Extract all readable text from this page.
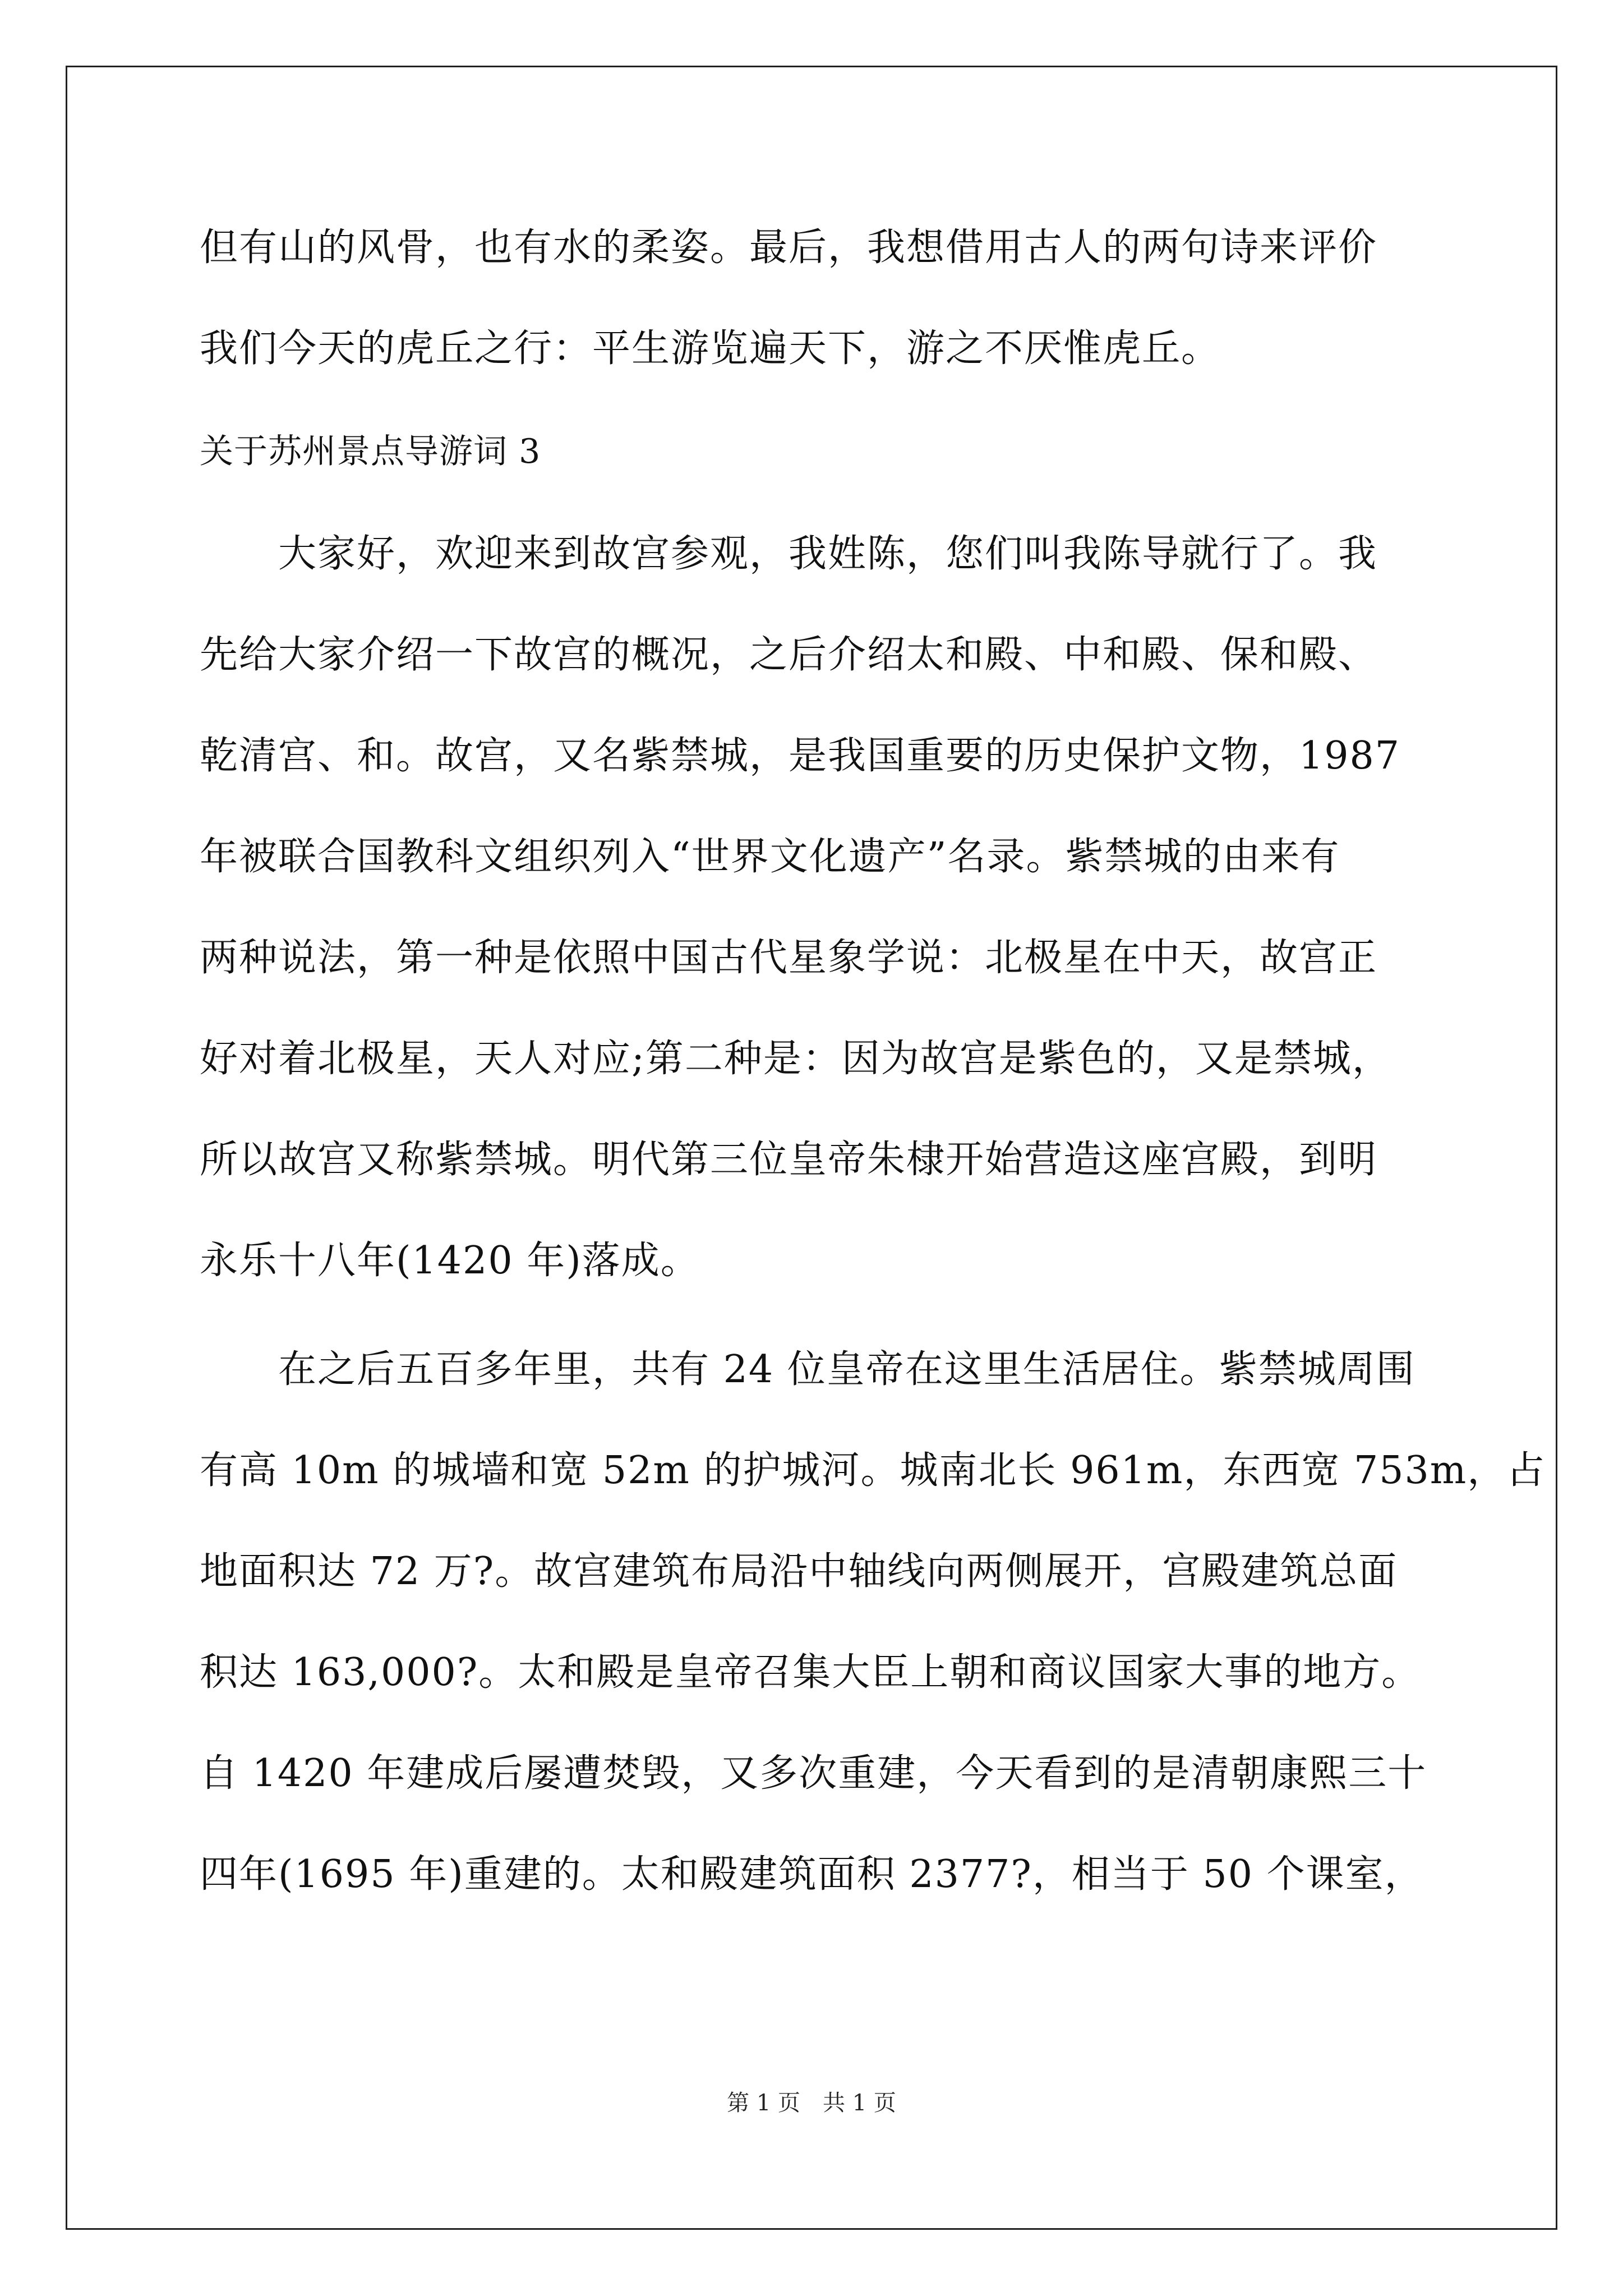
但有山的风骨，也有水的柔姿。最后，我想借用古人的两句诗来评价
我们今天的虎丘之行：平生游览遍天下，游之不厌惟虎丘。
关于苏州景点导游词 3
大家好，欢迎来到故宫参观，我姓陈，您们叫我陈导就行了。我
先给大家介绍一下故宫的概况，之后介绍太和殿、中和殿、保和殿、
乾清宫、和。故宫，又名紫禁城，是我国重要的历史保护文物，1987
年被联合国教科文组织列入“世界文化遗产”名录。紫禁城的由来有
两种说法，第一种是依照中国古代星象学说：北极星在中天，故宫正
好对着北极星，天人对应;第二种是：因为故宫是紫色的，又是禁城，
所以故宫又称紫禁城。明代第三位皇帝朱棣开始营造这座宫殿，到明
永乐十八年(1420 年)落成。
在之后五百多年里，共有 24 位皇帝在这里生活居住。紫禁城周围
有高 10m 的城墙和宽 52m 的护城河。城南北长 961m，东西宽 753m，占
地面积达 72 万?。故宫建筑布局沿中轴线向两侧展开，宫殿建筑总面
积达 163,000?。太和殿是皇帝召集大臣上朝和商议国家大事的地方。
自 1420 年建成后屡遭焚毁，又多次重建，今天看到的是清朝康熙三十
四年(1695 年)重建的。太和殿建筑面积 2377?，相当于 50 个课室，
第 1 页 共 1 页
